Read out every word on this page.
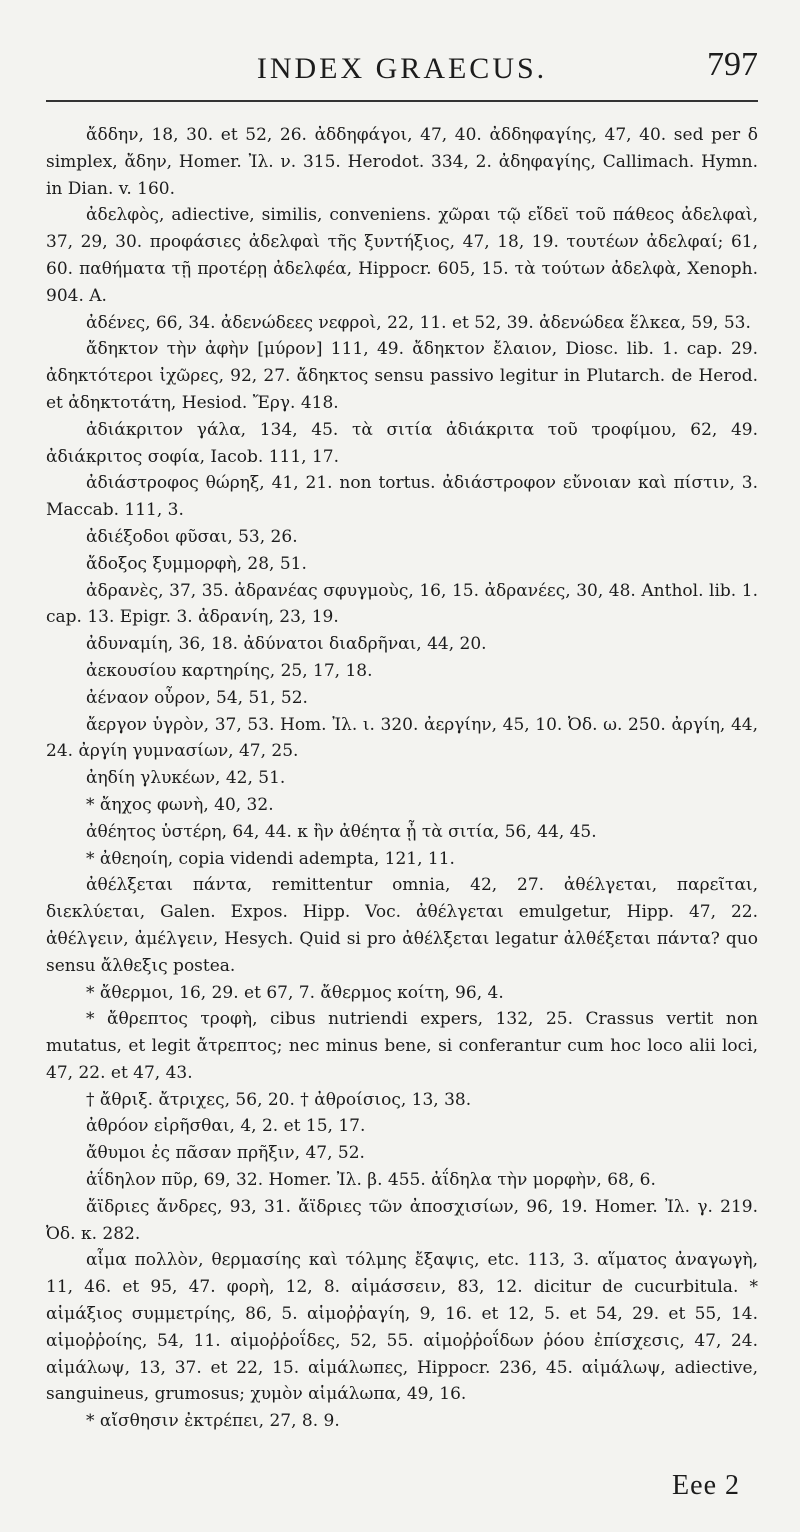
INDEX GRAECUS.	797

ἄδδην, 18, 30. et 52, 26. ἀδδηφάγοι, 47, 40. ἀδδηφαγίης, 47, 40. sed per δ simplex, ἄδην, Homer. Ἰλ. ν. 315. Herodot. 334, 2. ἀδηφαγίης, Callimach. Hymn. in Dian. v. 160.

ἀδελφὸς, adiective, similis, conveniens. χῶραι τῷ εἴδεϊ τοῦ πάθεος ἀδελφαὶ, 37, 29, 30. προφάσιες ἀδελφαὶ τῆς ξυντήξιος, 47, 18, 19. τουτέων ἀδελφαί; 61, 60. παθήματα τῇ προτέρῃ ἀδελφέα, Hippocr. 605, 15. τὰ τούτων ἀδελφὰ, Xenoph. 904. A.

ἀδένες, 66, 34. ἀδενώδεες νεφροὶ, 22, 11. et 52, 39. ἀδενώδεα ἕλκεα, 59, 53.

ἄδηκτον τὴν ἀφὴν [μύρον] 111, 49. ἄδηκτον ἔλαιον, Diosc. lib. 1. cap. 29. ἀδηκτότεροι ἰχῶρες, 92, 27. ἄδηκτος sensu passivo legitur in Plutarch. de Herod. et ἀδηκτοτάτη, Hesiod. Ἔργ. 418.

ἀδιάκριτον γάλα, 134, 45. τὰ σιτία ἀδιάκριτα τοῦ τροφίμου, 62, 49. ἀδιάκριτος σοφία, Iacob. 111, 17.

ἀδιάστροφος θώρηξ, 41, 21. non tortus. ἀδιάστροφον εὔνοιαν καὶ πίστιν, 3. Maccab. 111, 3.

ἀδιέξοδοι φῦσαι, 53, 26.

ἄδοξος ξυμμορφὴ, 28, 51.

ἀδρανὲς, 37, 35. ἀδρανέας σφυγμοὺς, 16, 15. ἀδρανέες, 30, 48. Anthol. lib. 1. cap. 13. Epigr. 3. ἀδρανίη, 23, 19.

ἀδυναμίη, 36, 18. ἀδύνατοι διαδρῆναι, 44, 20.

ἀεκουσίου καρτηρίης, 25, 17, 18.

ἀέναον οὖρον, 54, 51, 52.

ἄεργον ὑγρὸν, 37, 53. Hom. Ἰλ. ι. 320. ἀεργίην, 45, 10. Ὀδ. ω. 250. ἀργίη, 44, 24. ἀργίη γυμνασίων, 47, 25.

ἀηδίη γλυκέων, 42, 51.

* ἄηχος φωνὴ, 40, 32.

ἀθέητος ὑστέρη, 64, 44. κ ἢν ἀθέητα ᾖ τὰ σιτία, 56, 44, 45.

* ἀθεηοίη, copia videndi adempta, 121, 11.

ἀθέλξεται πάντα, remittentur omnia, 42, 27. ἀθέλγεται, παρεῖται, διεκλύεται, Galen. Expos. Hipp. Voc. ἀθέλγεται emulgetur, Hipp. 47, 22. ἀθέλγειν, ἀμέλγειν, Hesych. Quid si pro ἀθέλξεται legatur ἀλθέξεται πάντα? quo sensu ἄλθεξις postea.

* ἄθερμοι, 16, 29. et 67, 7. ἄθερμος κοίτη, 96, 4.

* ἄθρεπτος τροφὴ, cibus nutriendi expers, 132, 25. Crassus vertit non mutatus, et legit ἄτρεπτος; nec minus bene, si conferantur cum hoc loco alii loci, 47, 22. et 47, 43.

† ἄθριξ. ἄτριχες, 56, 20. † ἀθροίσιος, 13, 38.

ἀθρόον εἰρῆσθαι, 4, 2. et 15, 17.

ἄθυμοι ἐς πᾶσαν πρῆξιν, 47, 52.

ἀΐδηλον πῦρ, 69, 32. Homer. Ἰλ. β. 455. ἀΐδηλα τὴν μορφὴν, 68, 6.

ἄϊδριες ἄνδρες, 93, 31. ἄϊδριες τῶν ἀποσχισίων, 96, 19. Homer. Ἰλ. γ. 219. Ὀδ. κ. 282.

αἷμα πολλὸν, θερμασίης καὶ τόλμης ἔξαψις, etc. 113, 3. αἵματος ἀναγωγὴ, 11, 46. et 95, 47. φορὴ, 12, 8. αἱμάσσειν, 83, 12. dicitur de cucurbitula. * αἱμάξιος συμμετρίης, 86, 5. αἱμοῤῥαγίη, 9, 16. et 12, 5. et 54, 29. et 55, 14. αἱμοῤῥοίης, 54, 11. αἱμοῤῥοΐδες, 52, 55. αἱμοῤῥοΐδων ῥόου ἐπίσχεσις, 47, 24. αἱμάλωψ, 13, 37. et 22, 15. αἱμάλωπες, Hippocr. 236, 45. αἱμάλωψ, adiective, sanguineus, grumosus; χυμὸν αἱμάλωπα, 49, 16.

* αἴσθησιν ἐκτρέπει, 27, 8. 9.

Eee 2
